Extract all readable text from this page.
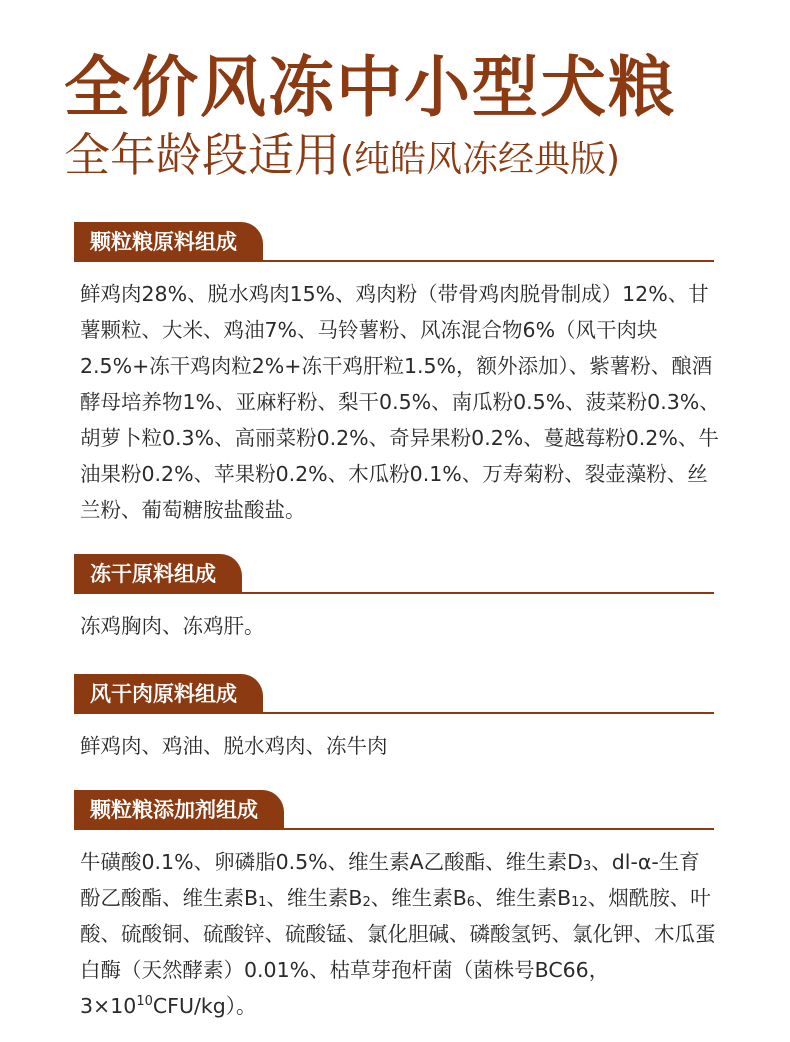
全价风冻中小型犬粮
全年龄段适用(纯皓风冻经典版)
颗粒粮原料组成
鲜鸡肉28%、脱水鸡肉15%、鸡肉粉（带骨鸡肉脱骨制成）12%、甘薯颗粒、大米、鸡油7%、马铃薯粉、风冻混合物6%（风干肉块2.5%+冻干鸡肉粒2%+冻干鸡肝粒1.5%，额外添加）、紫薯粉、酿酒酵母培养物1%、亚麻籽粉、梨干0.5%、南瓜粉0.5%、菠菜粉0.3%、胡萝卜粒0.3%、高丽菜粉0.2%、奇异果粉0.2%、蔓越莓粉0.2%、牛油果粉0.2%、苹果粉0.2%、木瓜粉0.1%、万寿菊粉、裂壶藻粉、丝兰粉、葡萄糖胺盐酸盐。
冻干原料组成
冻鸡胸肉、冻鸡肝。
风干肉原料组成
鲜鸡肉、鸡油、脱水鸡肉、冻牛肉
颗粒粮添加剂组成
牛磺酸0.1%、卵磷脂0.5%、维生素A乙酸酯、维生素$D_3$、dl-α-生育酚乙酸酯、维生素$B_1$、维生素$B_2$、维生素$B_6$、维生素$B_{12}$、烟酰胺、叶酸、硫酸铜、硫酸锌、硫酸锰、氯化胆碱、磷酸氢钙、氯化钾、木瓜蛋白酶（天然酵素）0.01%、枯草芽孢杆菌（菌株号BC66，$3\times 10^{10}CFU/kg$）。
